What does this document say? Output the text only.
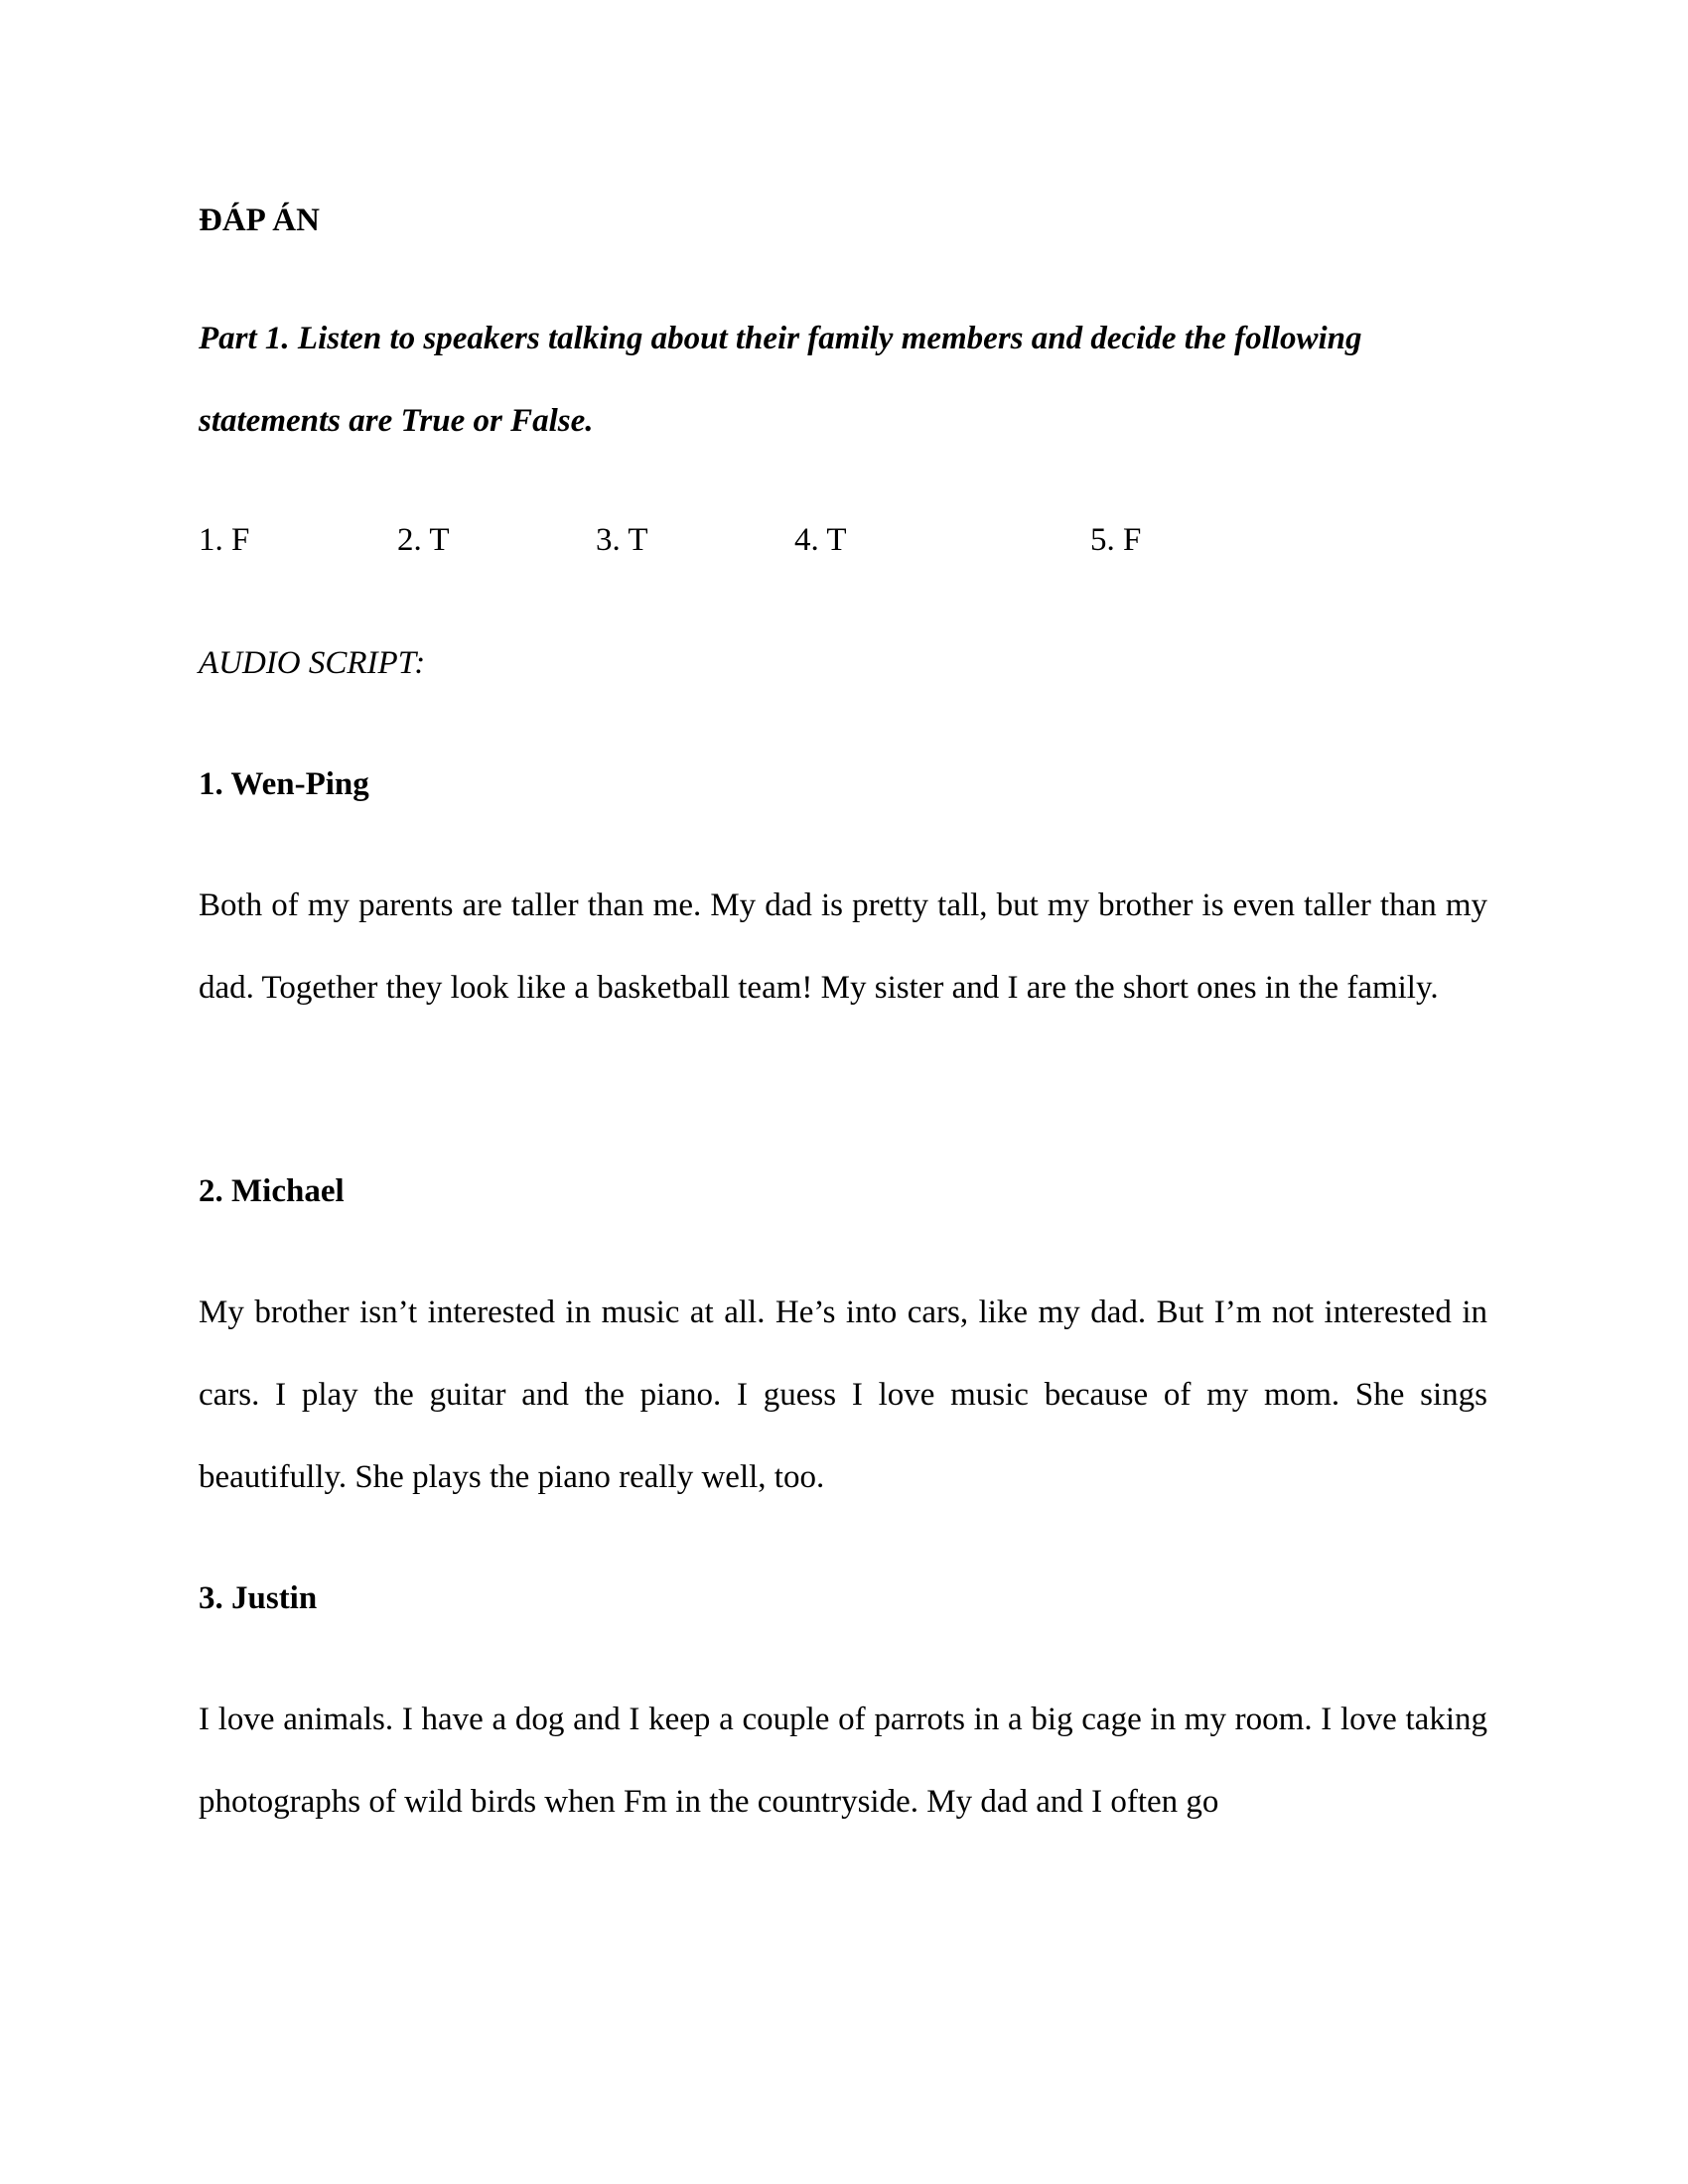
ĐÁP ÁN

Part 1. Listen to speakers talking about their family members and decide the following statements are True or False.

1. F	2. T	3. T	4. T	5. F

AUDIO SCRIPT:

1. Wen-Ping

Both of my parents are taller than me. My dad is pretty tall, but my brother is even taller than my dad. Together they look like a basketball team! My sister and I are the short ones in the family.

2. Michael

My brother isn’t interested in music at all. He’s into cars, like my dad. But I’m not interested in cars. I play the guitar and the piano. I guess I love music because of my mom. She sings beautifully. She plays the piano really well, too.

3. Justin

I love animals. I have a dog and I keep a couple of parrots in a big cage in my room. I love taking photographs of wild birds when Fm in the countryside. My dad and I often go
